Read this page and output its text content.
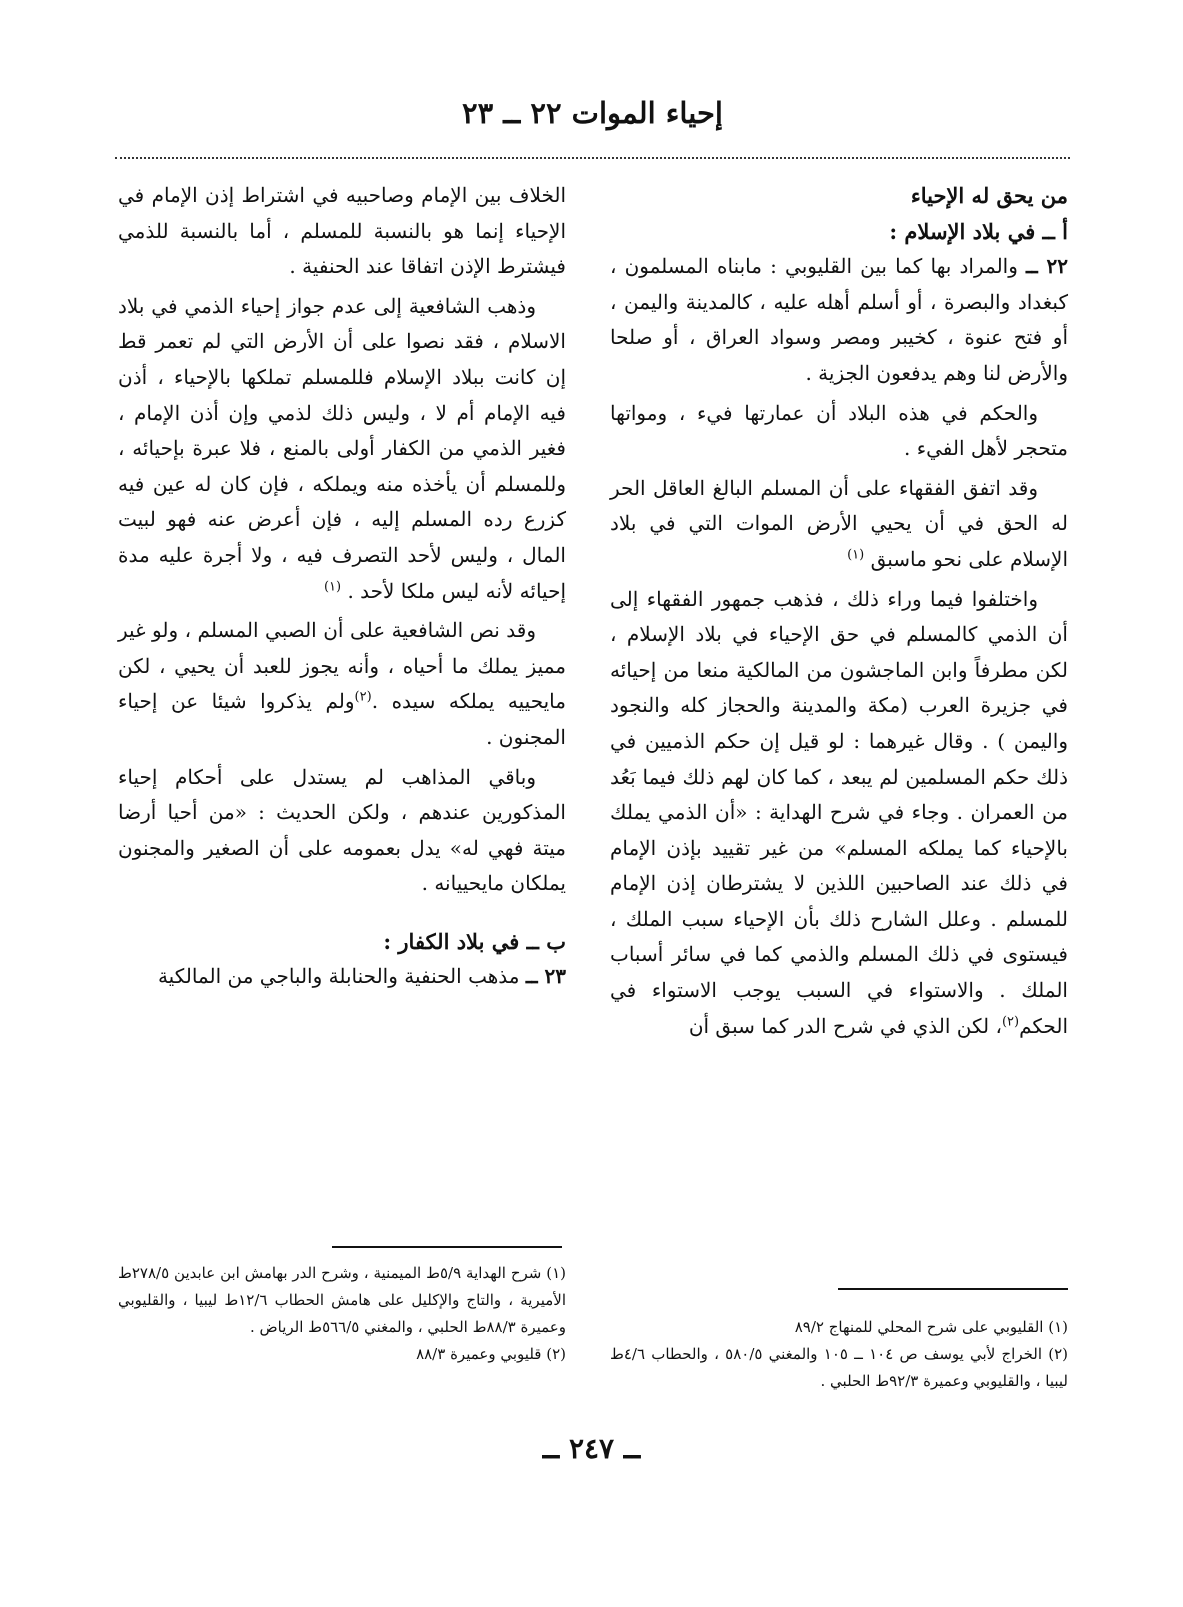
إحياء الموات ٢٢ ــ ٢٣

من يحق له الإحياء

أ ــ في بلاد الإسلام :

٢٢ ــ والمراد بها كما بين القليوبي : مابناه المسلمون ، كبغداد والبصرة ، أو أسلم أهله عليه ، كالمدينة واليمن ، أو فتح عنوة ، كخيبر ومصر وسواد العراق ، أو صلحا والأرض لنا وهم يدفعون الجزية .

والحكم في هذه البلاد أن عمارتها فيء ، ومواتها متحجر لأهل الفيء .

وقد اتفق الفقهاء على أن المسلم البالغ العاقل الحر له الحق في أن يحيي الأرض الموات التي في بلاد الإسلام على نحو ماسبق $^{(١)}$

واختلفوا فيما وراء ذلك ، فذهب جمهور الفقهاء إلى أن الذمي كالمسلم في حق الإحياء في بلاد الإسلام ، لكن مطرفاً وابن الماجشون من المالكية منعا من إحيائه في جزيرة العرب (مكة والمدينة والحجاز كله والنجود واليمن ) . وقال غيرهما : لو قيل إن حكم الذميين في ذلك حكم المسلمين لم يبعد ، كما كان لهم ذلك فيما بَعُد من العمران . وجاء في شرح الهداية : «أن الذمي يملك بالإحياء كما يملكه المسلم» من غير تقييد بإذن الإمام في ذلك عند الصاحبين اللذين لا يشترطان إذن الإمام للمسلم . وعلل الشارح ذلك بأن الإحياء سبب الملك ، فيستوى في ذلك المسلم والذمي كما في سائر أسباب الملك . والاستواء في السبب يوجب الاستواء في الحكم$^{(٢)}$، لكن الذي في شرح الدر كما سبق أن

الخلاف بين الإمام وصاحبيه في اشتراط إذن الإمام في الإحياء إنما هو بالنسبة للمسلم ، أما بالنسبة للذمي فيشترط الإذن اتفاقا عند الحنفية .

وذهب الشافعية إلى عدم جواز إحياء الذمي في بلاد الاسلام ، فقد نصوا على أن الأرض التي لم تعمر قط إن كانت ببلاد الإسلام فللمسلم تملكها بالإحياء ، أذن فيه الإمام أم لا ، وليس ذلك لذمي وإن أذن الإمام ، فغير الذمي من الكفار أولى بالمنع ، فلا عبرة بإحيائه ، وللمسلم أن يأخذه منه ويملكه ، فإن كان له عين فيه كزرع رده المسلم إليه ، فإن أعرض عنه فهو لبيت المال ، وليس لأحد التصرف فيه ، ولا أجرة عليه مدة إحيائه لأنه ليس ملكا لأحد . $^{(١)}$

وقد نص الشافعية على أن الصبي المسلم ، ولو غير مميز يملك ما أحياه ، وأنه يجوز للعبد أن يحيي ، لكن مايحييه يملكه سيده .$^{(٢)}$ولم يذكروا شيئا عن إحياء المجنون .

وباقي المذاهب لم يستدل على أحكام إحياء المذكورين عندهم ، ولكن الحديث : «من أحيا أرضا ميتة فهي له» يدل بعمومه على أن الصغير والمجنون يملكان مايحييانه .

ب ــ في بلاد الكفار :

٢٣ ــ مذهب الحنفية والحنابلة والباجي من المالكية

(١) شرح الهداية ٥/٩ط الميمنية ، وشرح الدر بهامش ابن عابدين ٢٧٨/٥ط الأميرية ، والتاج والإكليل على هامش الحطاب ١٢/٦ط ليبيا ، والقليوبي وعميرة ٨٨/٣ط الحلبي ، والمغني ٥٦٦/٥ط الرياض .

(٢) قليوبي وعميرة ٨٨/٣

(١) القليوبي على شرح المحلي للمنهاج ٨٩/٢

(٢) الخراج لأبي يوسف ص ١٠٤ ــ ١٠٥ والمغني ٥٨٠/٥ ، والحطاب ٤/٦ط ليبيا ، والقليوبي وعميرة ٩٢/٣ط الحلبي .

ــ ٢٤٧ ــ
